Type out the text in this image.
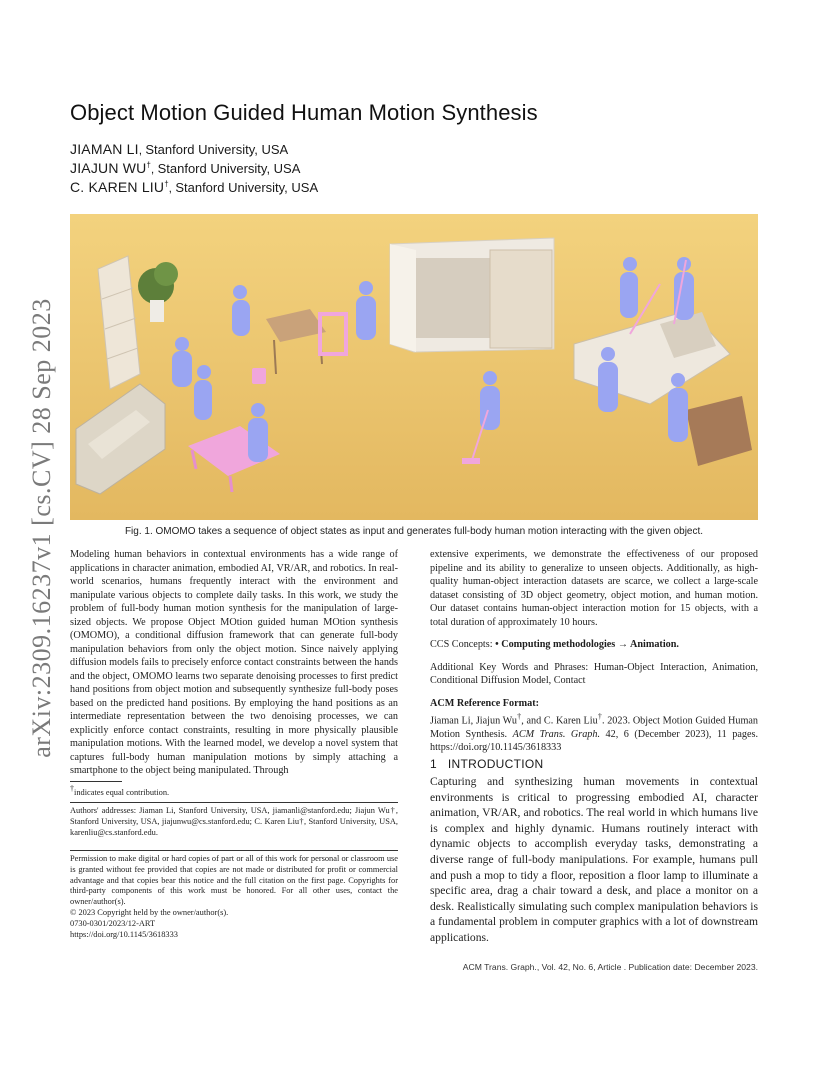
arXiv:2309.16237v1 [cs.CV] 28 Sep 2023
Object Motion Guided Human Motion Synthesis
JIAMAN LI, Stanford University, USA
JIAJUN WU†, Stanford University, USA
C. KAREN LIU†, Stanford University, USA
Fig. 1. OMOMO takes a sequence of object states as input and generates full-body human motion interacting with the given object.
Modeling human behaviors in contextual environments has a wide range of applications in character animation, embodied AI, VR/AR, and robotics. In real-world scenarios, humans frequently interact with the environment and manipulate various objects to complete daily tasks. In this work, we study the problem of full-body human motion synthesis for the manipulation of large-sized objects. We propose Object MOtion guided human MOtion synthesis (OMOMO), a conditional diffusion framework that can generate full-body manipulation behaviors from only the object motion. Since naively applying diffusion models fails to precisely enforce contact constraints between the hands and the object, OMOMO learns two separate denoising processes to first predict hand positions from object motion and subsequently synthesize full-body poses based on the predicted hand positions. By employing the hand positions as an intermediate representation between the two denoising processes, we can explicitly enforce contact constraints, resulting in more physically plausible manipulation motions. With the learned model, we develop a novel system that captures full-body human manipulation motions by simply attaching a smartphone to the object being manipulated. Through
†indicates equal contribution.
Authors' addresses: Jiaman Li, Stanford University, USA, jiamanli@stanford.edu; Jiajun Wu†, Stanford University, USA, jiajunwu@cs.stanford.edu; C. Karen Liu†, Stanford University, USA, karenliu@cs.stanford.edu.
Permission to make digital or hard copies of part or all of this work for personal or classroom use is granted without fee provided that copies are not made or distributed for profit or commercial advantage and that copies bear this notice and the full citation on the first page. Copyrights for third-party components of this work must be honored. For all other uses, contact the owner/author(s).
© 2023 Copyright held by the owner/author(s).
0730-0301/2023/12-ART
https://doi.org/10.1145/3618333
extensive experiments, we demonstrate the effectiveness of our proposed pipeline and its ability to generalize to unseen objects. Additionally, as high-quality human-object interaction datasets are scarce, we collect a large-scale dataset consisting of 3D object geometry, object motion, and human motion. Our dataset contains human-object interaction motion for 15 objects, with a total duration of approximately 10 hours.
CCS Concepts: • Computing methodologies → Animation.
Additional Key Words and Phrases: Human-Object Interaction, Animation, Conditional Diffusion Model, Contact
ACM Reference Format:
Jiaman Li, Jiajun Wu†, and C. Karen Liu†. 2023. Object Motion Guided Human Motion Synthesis. ACM Trans. Graph. 42, 6 (December 2023), 11 pages. https://doi.org/10.1145/3618333
1 INTRODUCTION
Capturing and synthesizing human movements in contextual environments is critical to progressing embodied AI, character animation, VR/AR, and robotics. The real world in which humans live is complex and highly dynamic. Humans routinely interact with dynamic objects to accomplish everyday tasks, demonstrating a diverse range of full-body manipulations. For example, humans pull and push a mop to tidy a floor, reposition a floor lamp to illuminate a specific area, drag a chair toward a desk, and place a monitor on a desk. Realistically simulating such complex manipulation behaviors is a fundamental problem in computer graphics with a lot of downstream applications.
ACM Trans. Graph., Vol. 42, No. 6, Article . Publication date: December 2023.
